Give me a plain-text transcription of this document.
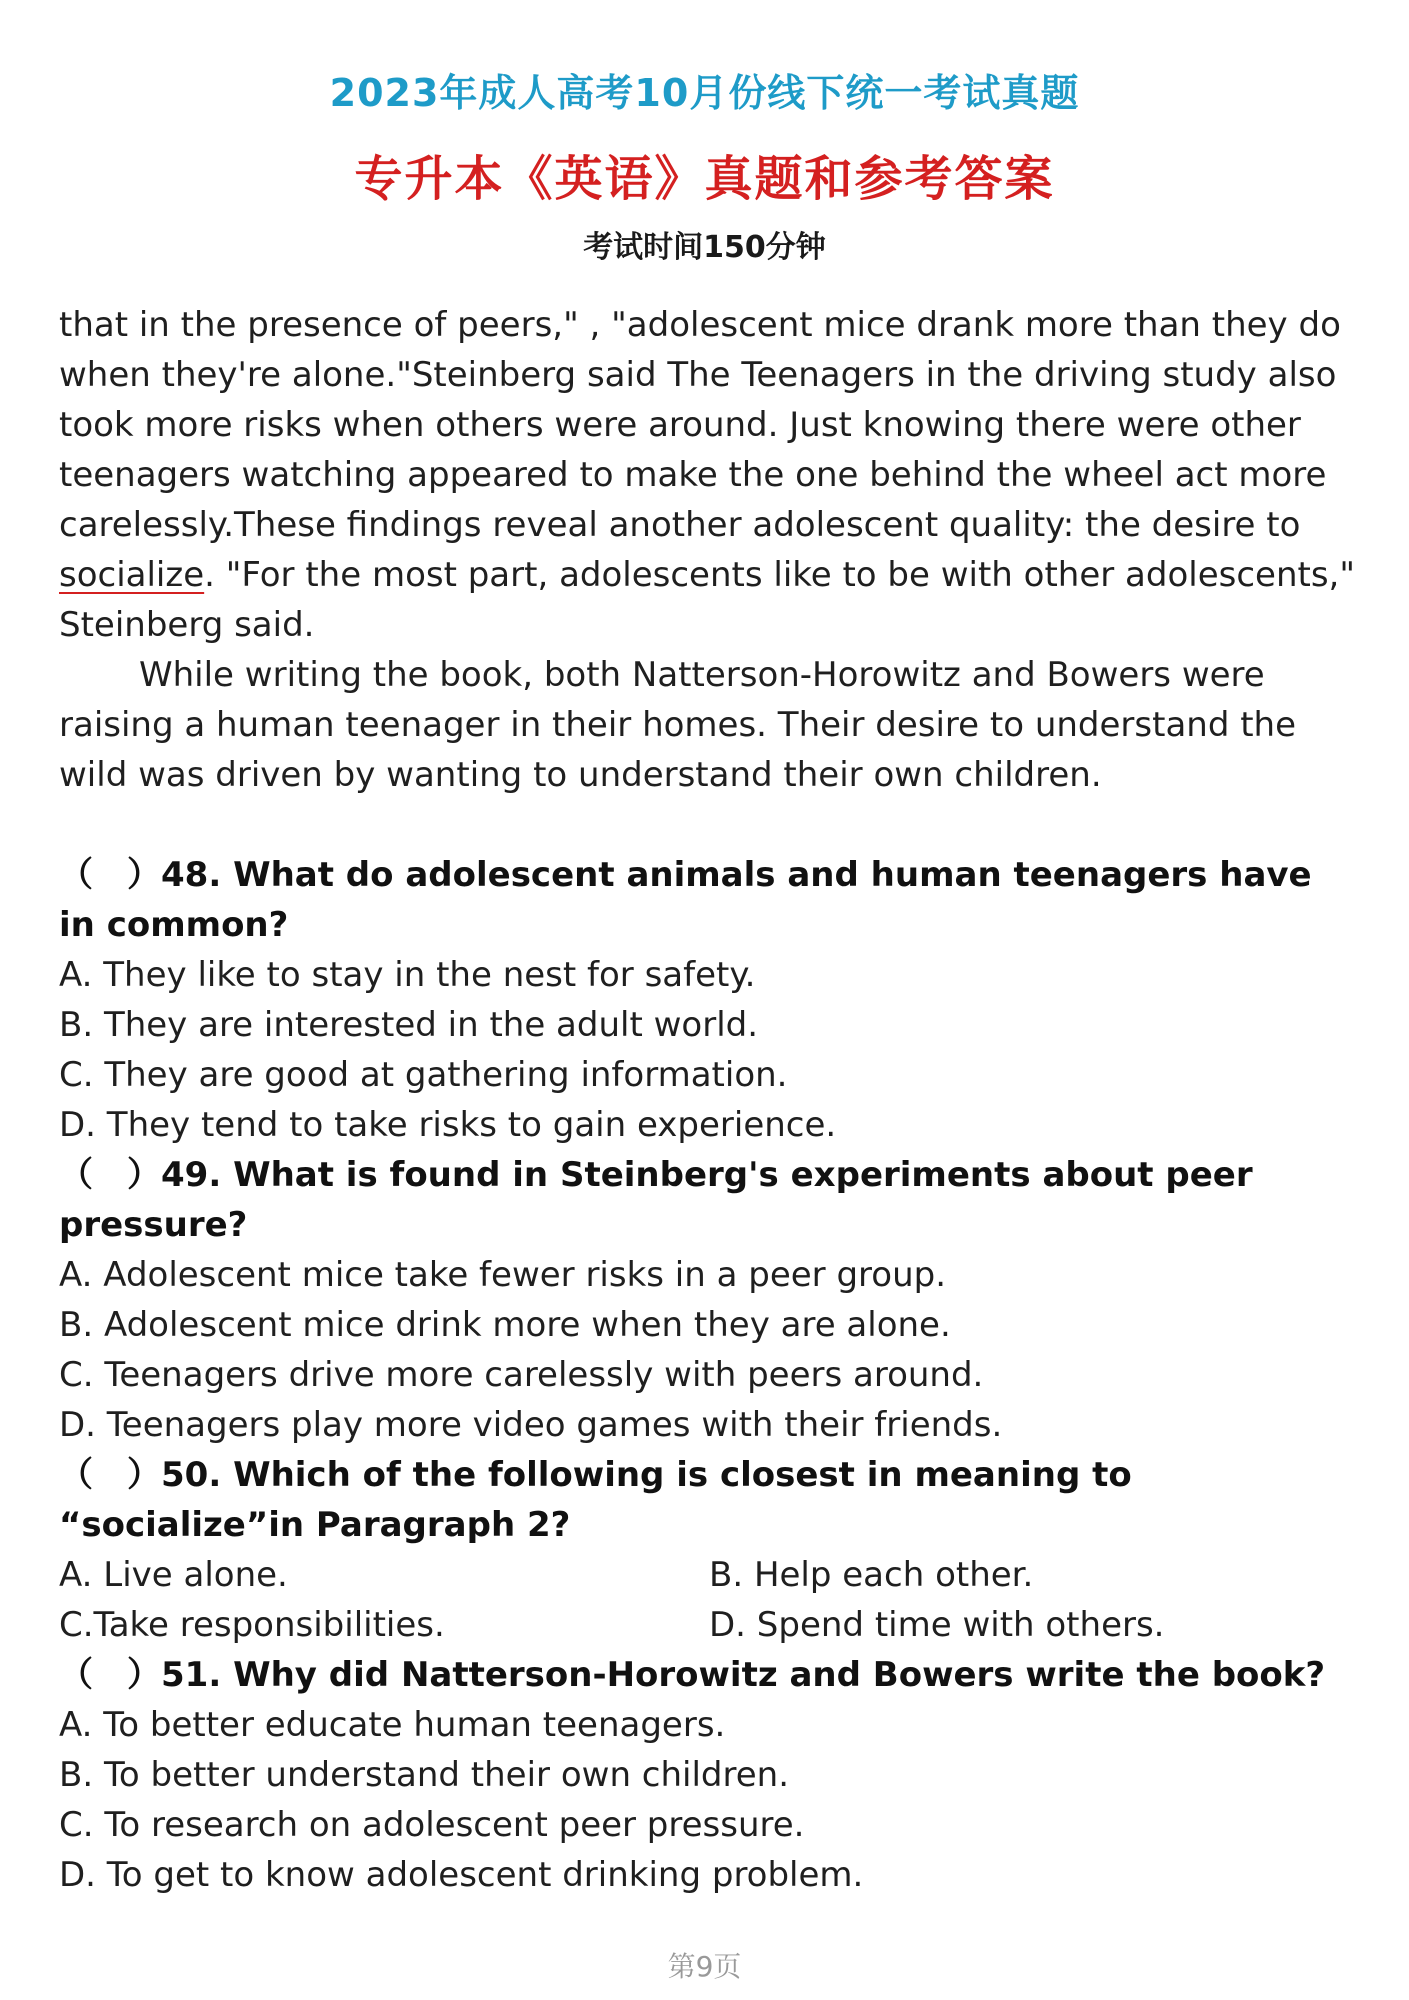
2023年成人高考10月份线下统一考试真题
专升本《英语》真题和参考答案
考试时间150分钟

that in the presence of peers," , "adolescent mice drank more than they do when they're alone."Steinberg said The Teenagers in the driving study also took more risks when others were around. Just knowing there were other teenagers watching appeared to make the one behind the wheel act more carelessly.These findings reveal another adolescent quality: the desire to socialize. "For the most part, adolescents like to be with other adolescents," Steinberg said.

While writing the book, both Natterson-Horowitz and Bowers were raising a human teenager in their homes. Their desire to understand the wild was driven by wanting to understand their own children.

（　）48. What do adolescent animals and human teenagers have in common?

A. They like to stay in the nest for safety.

B. They are interested in the adult world.

C. They are good at gathering information.

D. They tend to take risks to gain experience.

（　）49. What is found in Steinberg's experiments about peer pressure?

A. Adolescent mice take fewer risks in a peer group.

B. Adolescent mice drink more when they are alone.

C. Teenagers drive more carelessly with peers around.

D. Teenagers play more video games with their friends.

（　）50. Which of the following is closest in meaning to “socialize”in Paragraph 2?

A. Live alone.	B. Help each other.

C.Take responsibilities.	D. Spend time with others.

（　）51. Why did Natterson-Horowitz and Bowers write the book?

A. To better educate human teenagers.

B. To better understand their own children.

C. To research on adolescent peer pressure.

D. To get to know adolescent drinking problem.

第9页
